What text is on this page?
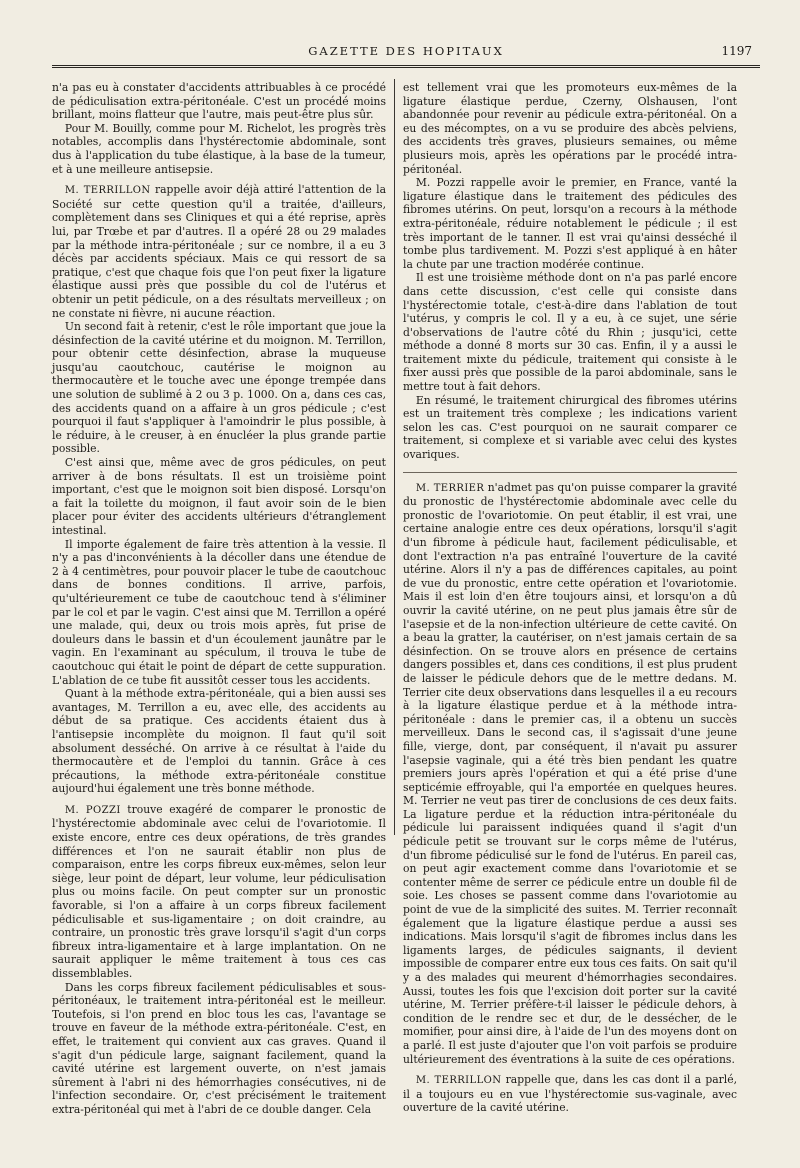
GAZETTE DES HOPITAUX	1197

n'a pas eu à constater d'accidents attribuables à ce procédé de pédiculisation extra-péritonéale. C'est un procédé moins brillant, moins flatteur que l'autre, mais peut-être plus sûr.

Pour M. Bouilly, comme pour M. Richelot, les progrès très notables, accomplis dans l'hystérectomie abdominale, sont dus à l'application du tube élastique, à la base de la tumeur, et à une meilleure antisepsie.

M. TERRILLON rappelle avoir déjà attiré l'attention de la Société sur cette question qu'il a traitée, d'ailleurs, complètement dans ses Cliniques et qui a été reprise, après lui, par Trœbe et par d'autres. Il a opéré 28 ou 29 malades par la méthode intra-péritonéale ; sur ce nombre, il a eu 3 décès par accidents spéciaux. Mais ce qui ressort de sa pratique, c'est que chaque fois que l'on peut fixer la ligature élastique aussi près que possible du col de l'utérus et obtenir un petit pédicule, on a des résultats merveilleux ; on ne constate ni fièvre, ni aucune réaction.

Un second fait à retenir, c'est le rôle important que joue la désinfection de la cavité utérine et du moignon. M. Terrillon, pour obtenir cette désinfection, abrase la muqueuse jusqu'au caoutchouc, cautérise le moignon au thermocautère et le touche avec une éponge trempée dans une solution de sublimé à 2 ou 3 p. 1000. On a, dans ces cas, des accidents quand on a affaire à un gros pédicule ; c'est pourquoi il faut s'appliquer à l'amoindrir le plus possible, à le réduire, à le creuser, à en énucléer la plus grande partie possible.

C'est ainsi que, même avec de gros pédicules, on peut arriver à de bons résultats. Il est un troisième point important, c'est que le moignon soit bien disposé. Lorsqu'on a fait la toilette du moignon, il faut avoir soin de le bien placer pour éviter des accidents ultérieurs d'étranglement intestinal.

Il importe également de faire très attention à la vessie. Il n'y a pas d'inconvénients à la décoller dans une étendue de 2 à 4 centimètres, pour pouvoir placer le tube de caoutchouc dans de bonnes conditions. Il arrive, parfois, qu'ultérieurement ce tube de caoutchouc tend à s'éliminer par le col et par le vagin. C'est ainsi que M. Terrillon a opéré une malade, qui, deux ou trois mois après, fut prise de douleurs dans le bassin et d'un écoulement jaunâtre par le vagin. En l'examinant au spéculum, il trouva le tube de caoutchouc qui était le point de départ de cette suppuration. L'ablation de ce tube fit aussitôt cesser tous les accidents.

Quant à la méthode extra-péritonéale, qui a bien aussi ses avantages, M. Terrillon a eu, avec elle, des accidents au début de sa pratique. Ces accidents étaient dus à l'antisepsie incomplète du moignon. Il faut qu'il soit absolument desséché. On arrive à ce résultat à l'aide du thermocautère et de l'emploi du tannin. Grâce à ces précautions, la méthode extra-péritonéale constitue aujourd'hui également une très bonne méthode.

M. POZZI trouve exagéré de comparer le pronostic de l'hystérectomie abdominale avec celui de l'ovariotomie. Il existe encore, entre ces deux opérations, de très grandes différences et l'on ne saurait établir non plus de comparaison, entre les corps fibreux eux-mêmes, selon leur siège, leur point de départ, leur volume, leur pédiculisation plus ou moins facile. On peut compter sur un pronostic favorable, si l'on a affaire à un corps fibreux facilement pédiculisable et sus-ligamentaire ; on doit craindre, au contraire, un pronostic très grave lorsqu'il s'agit d'un corps fibreux intra-ligamentaire et à large implantation. On ne saurait appliquer le même traitement à tous ces cas dissemblables.

Dans les corps fibreux facilement pédiculisables et sous-péritonéaux, le traitement intra-péritonéal est le meilleur. Toutefois, si l'on prend en bloc tous les cas, l'avantage se trouve en faveur de la méthode extra-péritonéale. C'est, en effet, le traitement qui convient aux cas graves. Quand il s'agit d'un pédicule large, saignant facilement, quand la cavité utérine est largement ouverte, on n'est jamais sûrement à l'abri ni des hémorrhagies consécutives, ni de l'infection secondaire. Or, c'est précisément le traitement extra-péritonéal qui met à l'abri de ce double danger. Cela

est tellement vrai que les promoteurs eux-mêmes de la ligature élastique perdue, Czerny, Olshausen, l'ont abandonnée pour revenir au pédicule extra-péritonéal. On a eu des mécomptes, on a vu se produire des abcès pelviens, des accidents très graves, plusieurs semaines, ou même plusieurs mois, après les opérations par le procédé intra-péritonéal.

M. Pozzi rappelle avoir le premier, en France, vanté la ligature élastique dans le traitement des pédicules des fibromes utérins. On peut, lorsqu'on a recours à la méthode extra-péritonéale, réduire notablement le pédicule ; il est très important de le tanner. Il est vrai qu'ainsi desséché il tombe plus tardivement. M. Pozzi s'est appliqué à en hâter la chute par une traction modérée continue.

Il est une troisième méthode dont on n'a pas parlé encore dans cette discussion, c'est celle qui consiste dans l'hystérectomie totale, c'est-à-dire dans l'ablation de tout l'utérus, y compris le col. Il y a eu, à ce sujet, une série d'observations de l'autre côté du Rhin ; jusqu'ici, cette méthode a donné 8 morts sur 30 cas. Enfin, il y a aussi le traitement mixte du pédicule, traitement qui consiste à le fixer aussi près que possible de la paroi abdominale, sans le mettre tout à fait dehors.

En résumé, le traitement chirurgical des fibromes utérins est un traitement très complexe ; les indications varient selon les cas. C'est pourquoi on ne saurait comparer ce traitement, si complexe et si variable avec celui des kystes ovariques.

M. TERRIER n'admet pas qu'on puisse comparer la gravité du pronostic de l'hystérectomie abdominale avec celle du pronostic de l'ovariotomie. On peut établir, il est vrai, une certaine analogie entre ces deux opérations, lorsqu'il s'agit d'un fibrome à pédicule haut, facilement pédiculisable, et dont l'extraction n'a pas entraîné l'ouverture de la cavité utérine. Alors il n'y a pas de différences capitales, au point de vue du pronostic, entre cette opération et l'ovariotomie. Mais il est loin d'en être toujours ainsi, et lorsqu'on a dû ouvrir la cavité utérine, on ne peut plus jamais être sûr de l'asepsie et de la non-infection ultérieure de cette cavité. On a beau la gratter, la cautériser, on n'est jamais certain de sa désinfection. On se trouve alors en présence de certains dangers possibles et, dans ces conditions, il est plus prudent de laisser le pédicule dehors que de le mettre dedans. M. Terrier cite deux observations dans lesquelles il a eu recours à la ligature élastique perdue et à la méthode intra-péritonéale : dans le premier cas, il a obtenu un succès merveilleux. Dans le second cas, il s'agissait d'une jeune fille, vierge, dont, par conséquent, il n'avait pu assurer l'asepsie vaginale, qui a été très bien pendant les quatre premiers jours après l'opération et qui a été prise d'une septicémie effroyable, qui l'a emportée en quelques heures. M. Terrier ne veut pas tirer de conclusions de ces deux faits. La ligature perdue et la réduction intra-péritonéale du pédicule lui paraissent indiquées quand il s'agit d'un pédicule petit se trouvant sur le corps même de l'utérus, d'un fibrome pédiculisé sur le fond de l'utérus. En pareil cas, on peut agir exactement comme dans l'ovariotomie et se contenter même de serrer ce pédicule entre un double fil de soie. Les choses se passent comme dans l'ovariotomie au point de vue de la simplicité des suites. M. Terrier reconnaît également que la ligature élastique perdue a aussi ses indications. Mais lorsqu'il s'agit de fibromes inclus dans les ligaments larges, de pédicules saignants, il devient impossible de comparer entre eux tous ces faits. On sait qu'il y a des malades qui meurent d'hémorrhagies secondaires. Aussi, toutes les fois que l'excision doit porter sur la cavité utérine, M. Terrier préfère-t-il laisser le pédicule dehors, à condition de le rendre sec et dur, de le dessécher, de le momifier, pour ainsi dire, à l'aide de l'un des moyens dont on a parlé. Il est juste d'ajouter que l'on voit parfois se produire ultérieurement des éventrations à la suite de ces opérations.

M. TERRILLON rappelle que, dans les cas dont il a parlé, il a toujours eu en vue l'hystérectomie sus-vaginale, avec ouverture de la cavité utérine.
